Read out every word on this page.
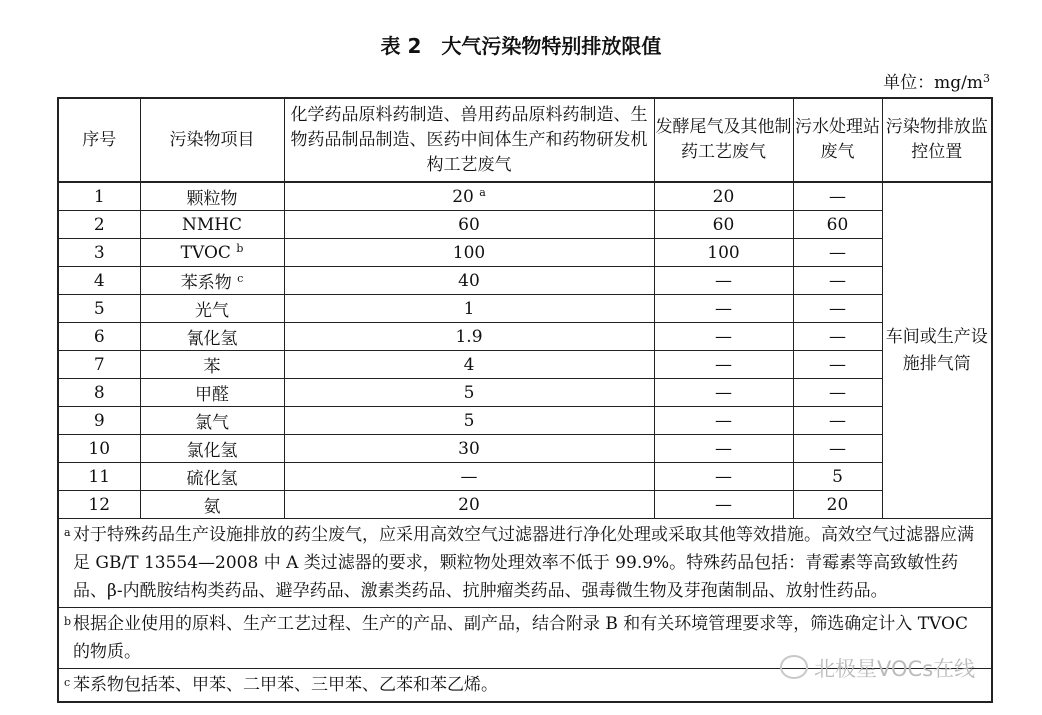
表 2　大气污染物特别排放限值
单位：$mg/m^3$
序号	污染物项目	化学药品原料药制造、兽用药品原料药制造、生物药品制品制造、医药中间体生产和药物研发机构工艺废气	发酵尾气及其他制药工艺废气	污水处理站废气	污染物排放监控位置
1	颗粒物	20 $^a$	20	—	车间或生产设施排气筒
2	NMHC	60	60	60	
3	TVOC $^b$	100	100	—	
4	苯系物 $^c$	40	—	—	
5	光气	1	—	—	
6	氰化氢	1.9	—	—	
7	苯	4	—	—	
8	甲醛	5	—	—	
9	氯气	5	—	—	
10	氯化氢	30	—	—	
11	硫化氢	—	—	5	
12	氨	20	—	20	

a 对于特殊药品生产设施排放的药尘废气，应采用高效空气过滤器进行净化处理或采取其他等效措施。高效空气过滤器应满足 GB/T 13554—2008 中 A 类过滤器的要求，颗粒物处理效率不低于 99.9%。特殊药品包括：青霉素等高致敏性药品、β-内酰胺结构类药品、避孕药品、激素类药品、抗肿瘤类药品、强毒微生物及芽孢菌制品、放射性药品。					

b 根据企业使用的原料、生产工艺过程、生产的产品、副产品，结合附录 B 和有关环境管理要求等，筛选确定计入 TVOC 的物质。					

c 苯系物包括苯、甲苯、二甲苯、三甲苯、乙苯和苯乙烯。					
北极星VOCs在线
